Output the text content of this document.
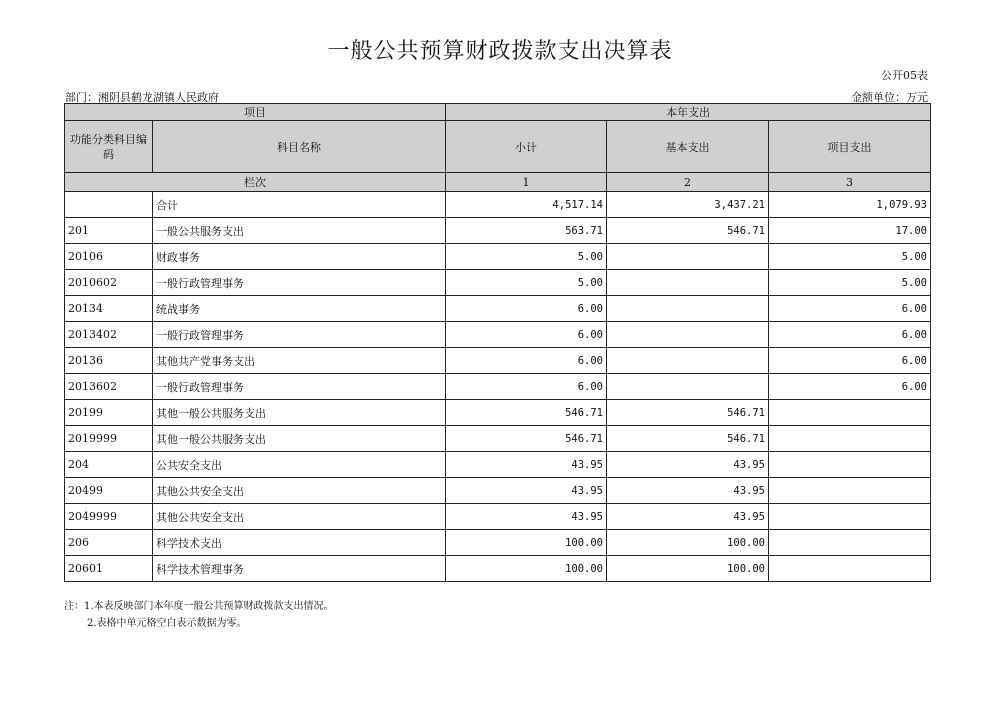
一般公共预算财政拨款支出决算表
公开05表
部门：湘阴县鹤龙湖镇人民政府	金额单位：万元
项目		本年支出		
功能分类科目编码	科目名称	小计	基本支出	项目支出
栏次		1	2	3
	合计	4,517.14	3,437.21	1,079.93
201	一般公共服务支出	563.71	546.71	17.00
20106	财政事务	5.00		5.00
2010602	一般行政管理事务	5.00		5.00
20134	统战事务	6.00		6.00
2013402	一般行政管理事务	6.00		6.00
20136	其他共产党事务支出	6.00		6.00
2013602	一般行政管理事务	6.00		6.00
20199	其他一般公共服务支出	546.71	546.71	
2019999	其他一般公共服务支出	546.71	546.71	
204	公共安全支出	43.95	43.95	
20499	其他公共安全支出	43.95	43.95	
2049999	其他公共安全支出	43.95	43.95	
206	科学技术支出	100.00	100.00	
20601	科学技术管理事务	100.00	100.00	
注：1.本表反映部门本年度一般公共预算财政拨款支出情况。
2.表格中单元格空白表示数据为零。
